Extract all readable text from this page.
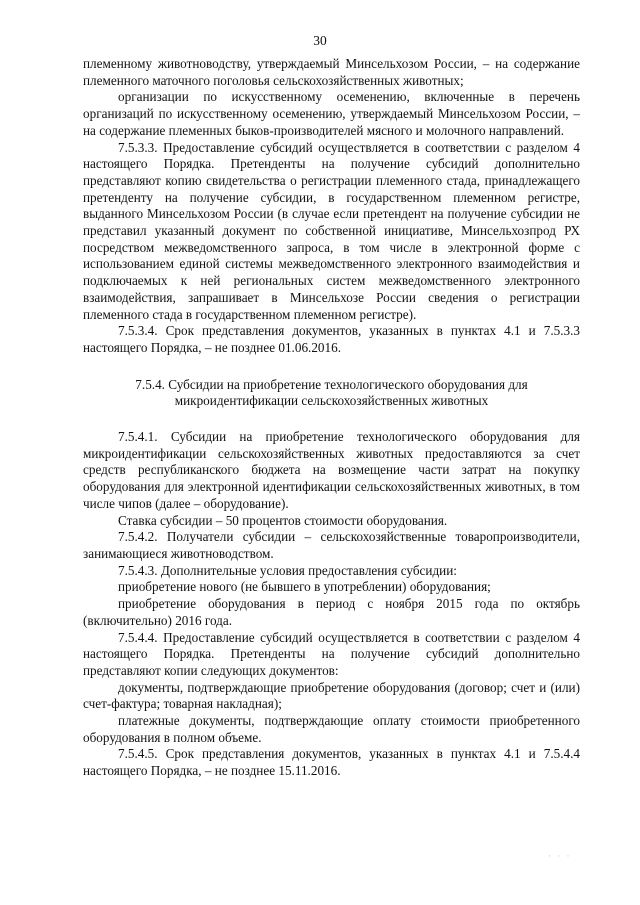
30

племенному животноводству, утверждаемый Минсельхозом России, – на содержание племенного маточного поголовья сельскохозяйственных животных;

организации по искусственному осеменению, включенные в перечень организаций по искусственному осеменению, утверждаемый Минсельхозом России, – на содержание племенных быков-производителей мясного и молочного направлений.

7.5.3.3. Предоставление субсидий осуществляется в соответствии с разделом 4 настоящего Порядка. Претенденты на получение субсидий дополнительно представляют копию свидетельства о регистрации племенного стада, принадлежащего претенденту на получение субсидии, в государственном племенном регистре, выданного Минсельхозом России (в случае если претендент на получение субсидии не представил указанный документ по собственной инициативе, Минсельхозпрод РХ посредством межведомственного запроса, в том числе в электронной форме с использованием единой системы межведомственного электронного взаимодействия и подключаемых к ней региональных систем межведомственного электронного взаимодействия, запрашивает в Минсельхозе России сведения о регистрации племенного стада в государственном племенном регистре).

7.5.3.4. Срок представления документов, указанных в пунктах 4.1 и 7.5.3.3 настоящего Порядка, – не позднее 01.06.2016.

7.5.4. Субсидии на приобретение технологического оборудования для микроидентификации сельскохозяйственных животных

7.5.4.1. Субсидии на приобретение технологического оборудования для микроидентификации сельскохозяйственных животных предоставляются за счет средств республиканского бюджета на возмещение части затрат на покупку оборудования для электронной идентификации сельскохозяйственных животных, в том числе чипов (далее – оборудование).

Ставка субсидии – 50 процентов стоимости оборудования.

7.5.4.2. Получатели субсидии – сельскохозяйственные товаропроизводители, занимающиеся животноводством.

7.5.4.3. Дополнительные условия предоставления субсидии:

приобретение нового (не бывшего в употреблении) оборудования;

приобретение оборудования в период с ноября 2015 года по октябрь (включительно) 2016 года.

7.5.4.4. Предоставление субсидий осуществляется в соответствии с разделом 4 настоящего Порядка. Претенденты на получение субсидий дополнительно представляют копии следующих документов:

документы, подтверждающие приобретение оборудования (договор; счет и (или) счет-фактура; товарная накладная);

платежные документы, подтверждающие оплату стоимости приобретенного оборудования в полном объеме.

7.5.4.5. Срок представления документов, указанных в пунктах 4.1 и 7.5.4.4 настоящего Порядка, – не позднее 15.11.2016.

· · ·
